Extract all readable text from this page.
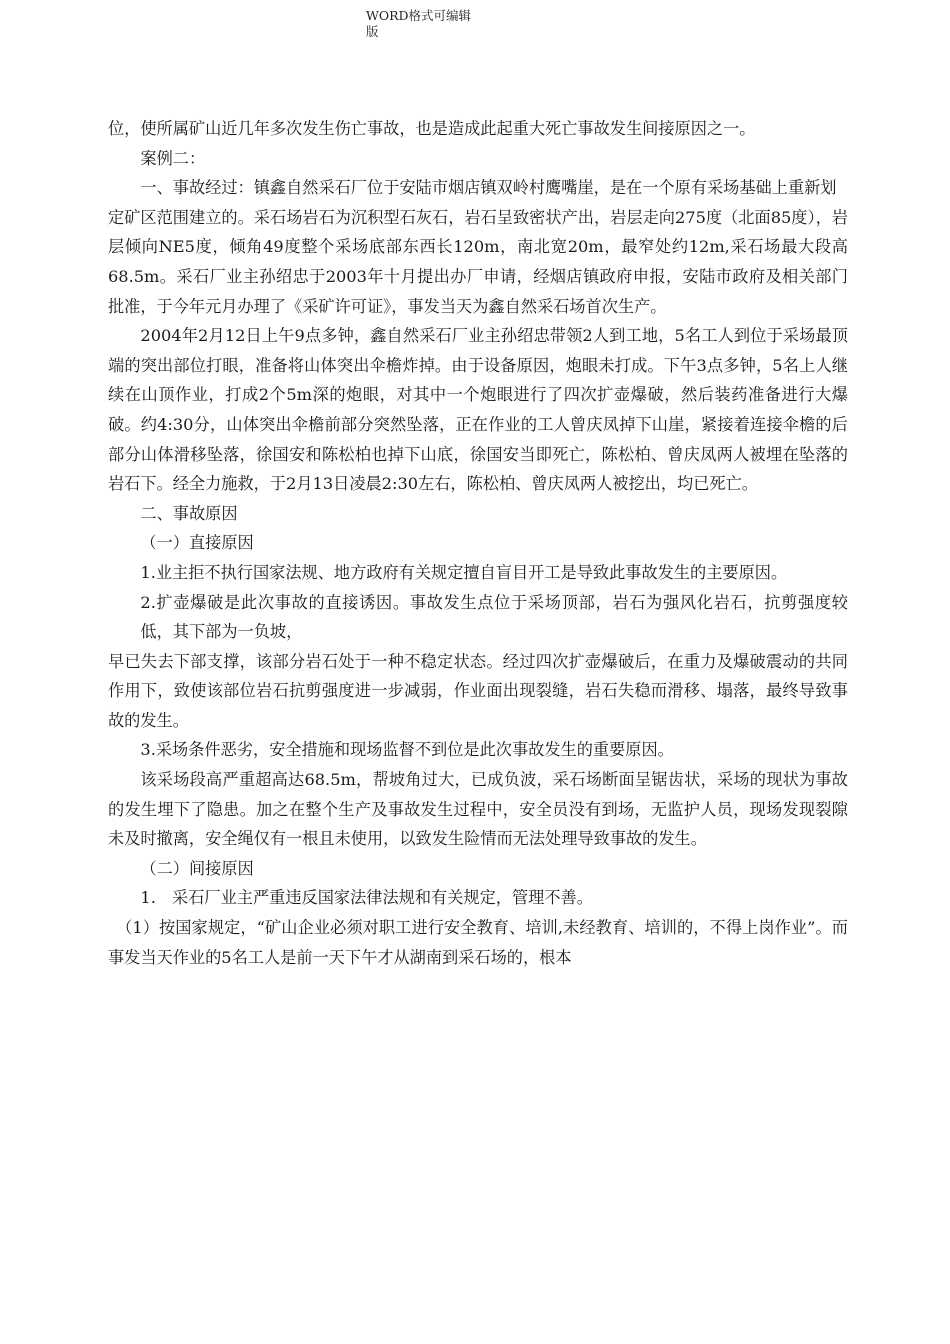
WORD格式可编辑
版

位，使所属矿山近几年多次发生伤亡事故，也是造成此起重大死亡事故发生间接原因之一。

案例二：

一、事故经过：镇鑫自然采石厂位于安陆市烟店镇双岭村鹰嘴崖，是在一个原有采场基础上重新划

定矿区范围建立的。采石场岩石为沉积型石灰石，岩石呈致密状产出，岩层走向275度（北面85度），岩层倾向NE5度，倾角49度整个采场底部东西长120m，南北宽20m，最窄处约12m,采石场最大段高68.5m。采石厂业主孙绍忠于2003年十月提出办厂申请，经烟店镇政府申报，安陆市政府及相关部门批准，于今年元月办理了《采矿许可证》，事发当天为鑫自然采石场首次生产。

2004年2月12日上午9点多钟，鑫自然采石厂业主孙绍忠带领2人到工地，5名工人到位于采场最顶端的突出部位打眼，准备将山体突出伞檐炸掉。由于设备原因，炮眼未打成。下午3点多钟，5名上人继续在山顶作业，打成2个5m深的炮眼，对其中一个炮眼进行了四次扩壶爆破，然后装药准备进行大爆破。约4:30分，山体突出伞檐前部分突然坠落，正在作业的工人曾庆凤掉下山崖，紧接着连接伞檐的后部分山体滑移坠落，徐国安和陈松柏也掉下山底，徐国安当即死亡，陈松柏、曾庆凤两人被埋在坠落的岩石下。经全力施救，于2月13日凌晨2:30左右，陈松柏、曾庆凤两人被挖出，均已死亡。

二、事故原因

（一）直接原因

1.业主拒不执行国家法规、地方政府有关规定擅自盲目开工是导致此事故发生的主要原因。

2.扩壶爆破是此次事故的直接诱因。事故发生点位于采场顶部，岩石为强风化岩石，抗剪强度较低，其下部为一负坡，

早已失去下部支撑，该部分岩石处于一种不稳定状态。经过四次扩壶爆破后，在重力及爆破震动的共同作用下，致使该部位岩石抗剪强度进一步减弱，作业面出现裂缝，岩石失稳而滑移、塌落，最终导致事故的发生。

3.采场条件恶劣，安全措施和现场监督不到位是此次事故发生的重要原因。

该采场段高严重超高达68.5m，帮坡角过大，已成负波，采石场断面呈锯齿状，采场的现状为事故的发生埋下了隐患。加之在整个生产及事故发生过程中，安全员没有到场，无监护人员，现场发现裂隙未及时撤离，安全绳仅有一根且未使用，以致发生险情而无法处理导致事故的发生。

（二）间接原因

1.　采石厂业主严重违反国家法律法规和有关规定，管理不善。

（1）按国家规定，“矿山企业必须对职工进行安全教育、培训,未经教育、培训的，不得上岗作业”。而事发当天作业的5名工人是前一天下午才从湖南到采石场的，根本
